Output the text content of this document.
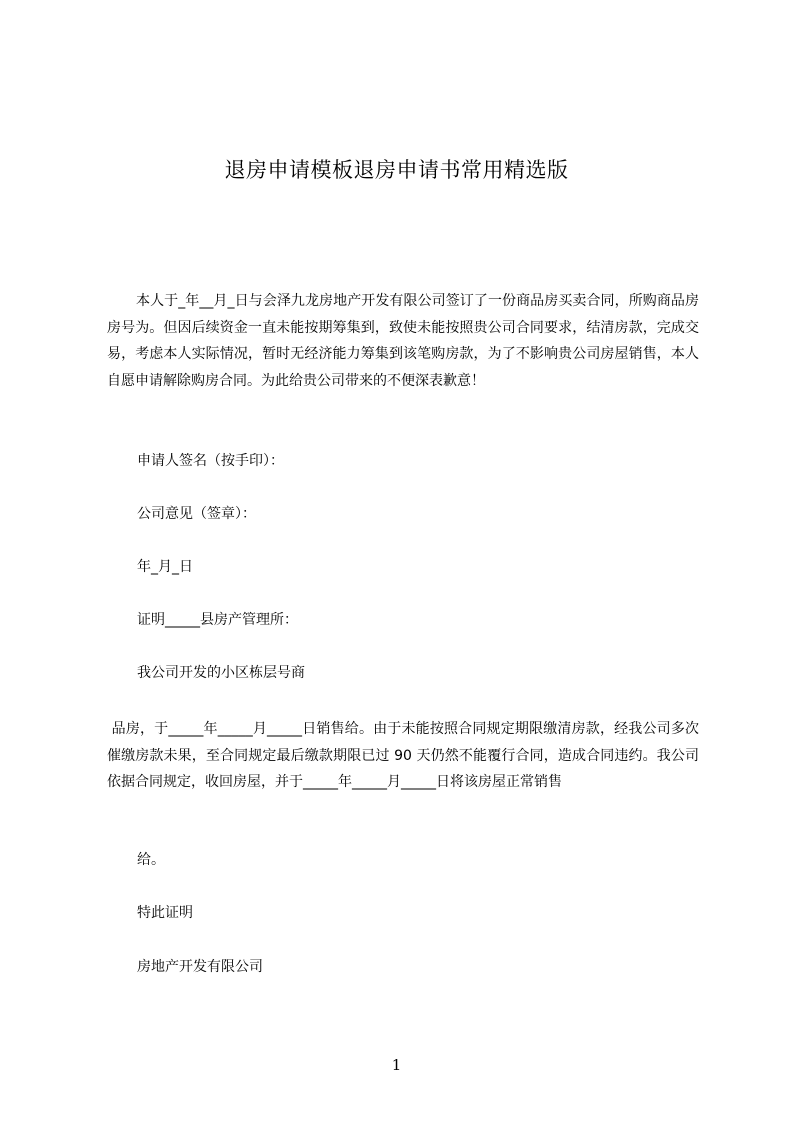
退房申请模板退房申请书常用精选版

本人于_年__月_日与会泽九龙房地产开发有限公司签订了一份商品房买卖合同，所购商品房房号为。但因后续资金一直未能按期筹集到，致使未能按照贵公司合同要求，结清房款，完成交易，考虑本人实际情况，暂时无经济能力筹集到该笔购房款，为了不影响贵公司房屋销售，本人自愿申请解除购房合同。为此给贵公司带来的不便深表歉意！

申请人签名（按手印）：

公司意见（签章）：

年_月_日

证明_____县房产管理所：

我公司开发的小区栋层号商

品房，于_____年_____月_____日销售给。由于未能按照合同规定期限缴清房款，经我公司多次催缴房款未果，至合同规定最后缴款期限已过 90 天仍然不能覆行合同，造成合同违约。我公司依据合同规定，收回房屋，并于_____年_____月_____日将该房屋正常销售

给。

特此证明

房地产开发有限公司

1
